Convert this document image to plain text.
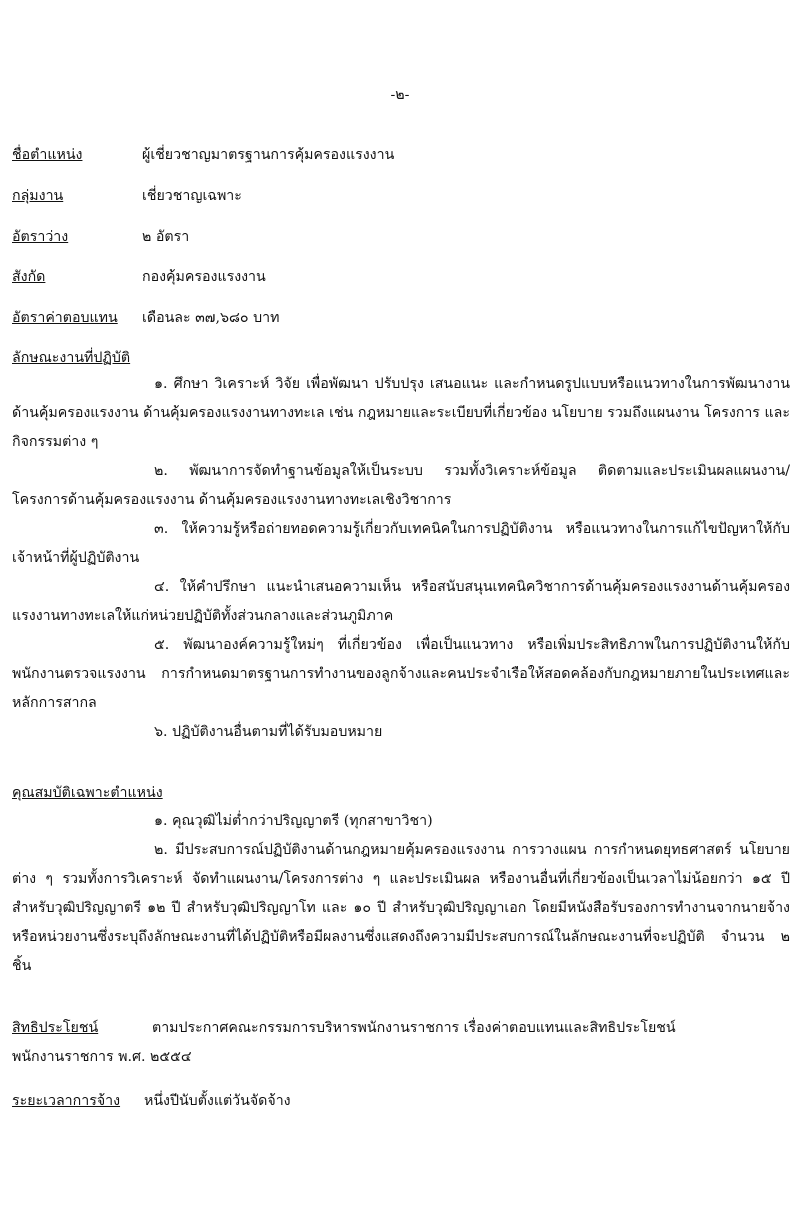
-๒-
ชื่อตำแหน่ง	ผู้เชี่ยวชาญมาตรฐานการคุ้มครองแรงงาน
กลุ่มงาน	เชี่ยวชาญเฉพาะ
อัตราว่าง	๒ อัตรา
สังกัด	กองคุ้มครองแรงงาน
อัตราค่าตอบแทน เดือนละ ๓๗,๖๘๐ บาท
ลักษณะงานที่ปฏิบัติ

๑. ศึกษา วิเคราะห์ วิจัย เพื่อพัฒนา ปรับปรุง เสนอแนะ และกำหนดรูปแบบหรือแนวทางในการพัฒนางานด้านคุ้มครองแรงงาน ด้านคุ้มครองแรงงานทางทะเล เช่น กฎหมายและระเบียบที่เกี่ยวข้อง นโยบาย รวมถึงแผนงาน โครงการ และกิจกรรมต่าง ๆ

๒. พัฒนาการจัดทำฐานข้อมูลให้เป็นระบบ รวมทั้งวิเคราะห์ข้อมูล ติดตามและประเมินผลแผนงาน/โครงการด้านคุ้มครองแรงงาน ด้านคุ้มครองแรงงานทางทะเลเชิงวิชาการ

๓. ให้ความรู้หรือถ่ายทอดความรู้เกี่ยวกับเทคนิคในการปฏิบัติงาน หรือแนวทางในการแก้ไขปัญหาให้กับเจ้าหน้าที่ผู้ปฏิบัติงาน

๔. ให้คำปรึกษา แนะนำเสนอความเห็น หรือสนับสนุนเทคนิควิชาการด้านคุ้มครองแรงงานด้านคุ้มครองแรงงานทางทะเลให้แก่หน่วยปฏิบัติทั้งส่วนกลางและส่วนภูมิภาค

๕. พัฒนาองค์ความรู้ใหม่ๆ ที่เกี่ยวข้อง เพื่อเป็นแนวทาง หรือเพิ่มประสิทธิภาพในการปฏิบัติงานให้กับพนักงานตรวจแรงงาน การกำหนดมาตรฐานการทำงานของลูกจ้างและคนประจำเรือให้สอดคล้องกับกฎหมายภายในประเทศและหลักการสากล

๖. ปฏิบัติงานอื่นตามที่ได้รับมอบหมาย

คุณสมบัติเฉพาะตำแหน่ง

๑. คุณวุฒิไม่ต่ำกว่าปริญญาตรี (ทุกสาขาวิชา)

๒. มีประสบการณ์ปฏิบัติงานด้านกฎหมายคุ้มครองแรงงาน การวางแผน การกำหนดยุทธศาสตร์ นโยบายต่าง ๆ รวมทั้งการวิเคราะห์ จัดทำแผนงาน/โครงการต่าง ๆ และประเมินผล หรืองานอื่นที่เกี่ยวข้องเป็นเวลาไม่น้อยกว่า ๑๕ ปี สำหรับวุฒิปริญญาตรี ๑๒ ปี สำหรับวุฒิปริญญาโท และ ๑๐ ปี สำหรับวุฒิปริญญาเอก โดยมีหนังสือรับรองการทำงานจากนายจ้างหรือหน่วยงานซึ่งระบุถึงลักษณะงานที่ได้ปฏิบัติหรือมีผลงานซึ่งแสดงถึงความมีประสบการณ์ในลักษณะงานที่จะปฏิบัติ จำนวน ๒ ชิ้น

สิทธิประโยชน์	ตามประกาศคณะกรรมการบริหารพนักงานราชการ เรื่องค่าตอบแทนและสิทธิประโยชน์
พนักงานราชการ พ.ศ. ๒๕๕๔
ระยะเวลาการจ้าง หนึ่งปีนับตั้งแต่วันจัดจ้าง
